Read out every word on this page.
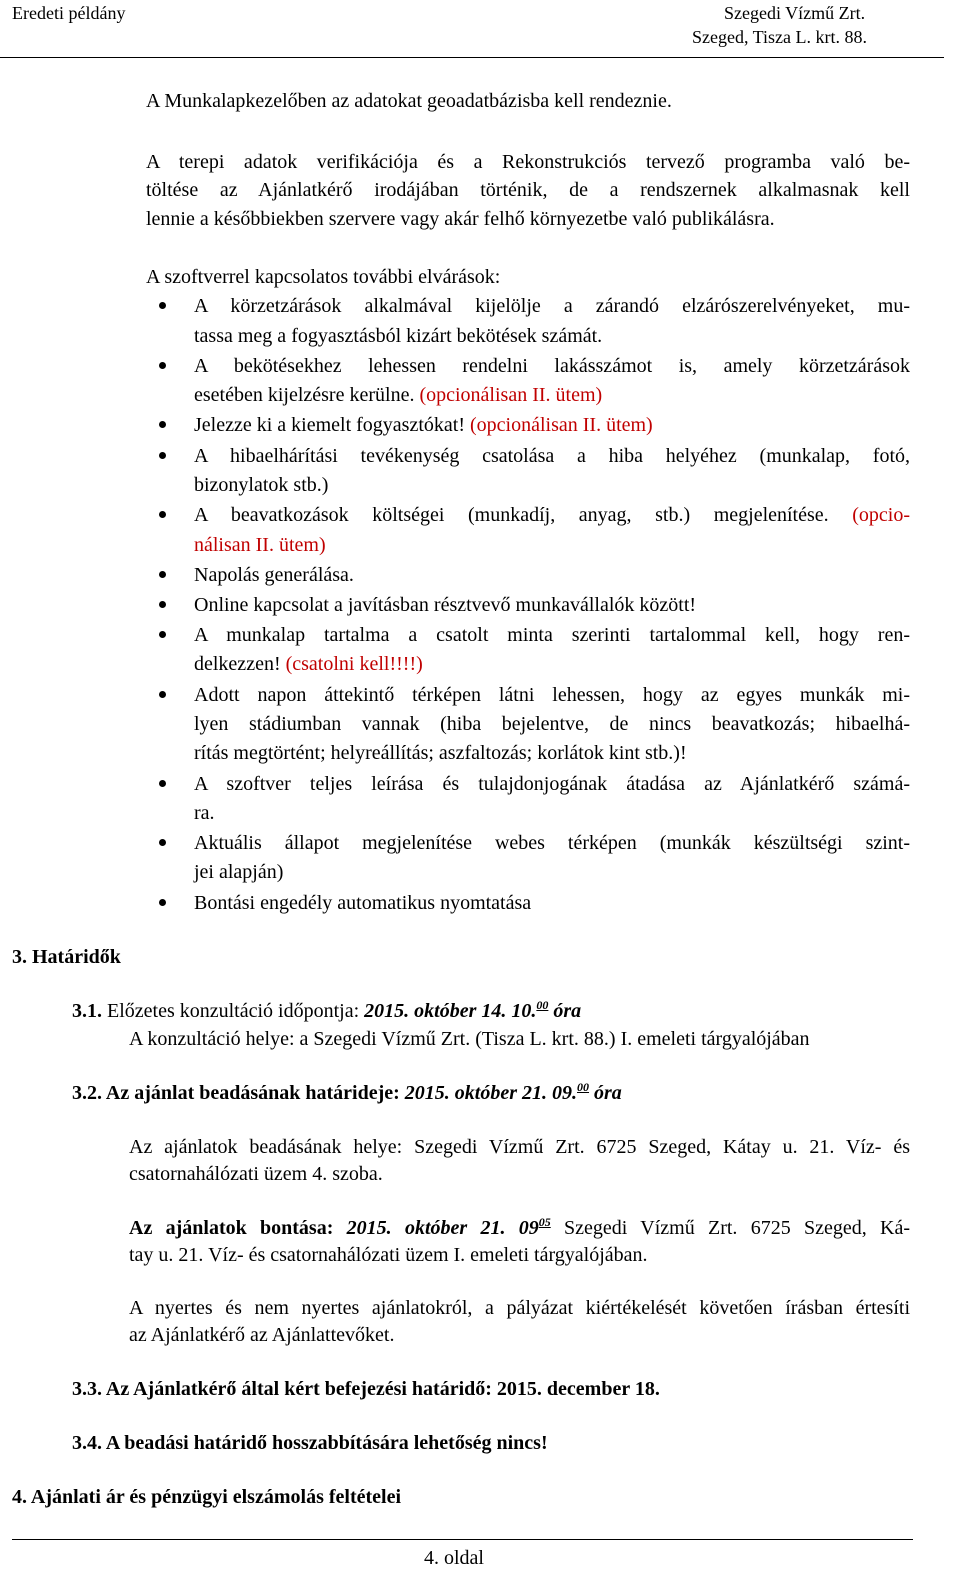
Eredeti példány	Szegedi Vízmű Zrt.
Szeged, Tisza L. krt. 88.
A Munkalapkezelőben az adatokat geoadatbázisba kell rendeznie.
A terepi adatok verifikációja és a Rekonstrukciós tervező programba való be-
töltése az Ajánlatkérő irodájában történik, de a rendszernek alkalmasnak kell
lennie a későbbiekben szervere vagy akár felhő környezetbe való publikálásra.
A szoftverrel kapcsolatos további elvárások:
A körzetzárások alkalmával kijelölje a zárandó elzárószerelvényeket, mu-
tassa meg a fogyasztásból kizárt bekötések számát.
A bekötésekhez lehessen rendelni lakásszámot is, amely körzetzárások
esetében kijelzésre kerülne. (opcionálisan II. ütem)
Jelezze ki a kiemelt fogyasztókat! (opcionálisan II. ütem)
A hibaelhárítási tevékenység csatolása a hiba helyéhez (munkalap, fotó,
bizonylatok stb.)
A beavatkozások költségei (munkadíj, anyag, stb.) megjelenítése. (opcio-
nálisan II. ütem)
Napolás generálása.
Online kapcsolat a javításban résztvevő munkavállalók között!
A munkalap tartalma a csatolt minta szerinti tartalommal kell, hogy ren-
delkezzen! (csatolni kell!!!!)
Adott napon áttekintő térképen látni lehessen, hogy az egyes munkák mi-
lyen stádiumban vannak (hiba bejelentve, de nincs beavatkozás; hibaelhá-
rítás megtörtént; helyreállítás; aszfaltozás; korlátok kint stb.)!
A szoftver teljes leírása és tulajdonjogának átadása az Ajánlatkérő számá-
ra.
Aktuális állapot megjelenítése webes térképen (munkák készültségi szint-
jei alapján)
Bontási engedély automatikus nyomtatása
3. Határidők
3.1. Előzetes konzultáció időpontja: 2015. október 14. 10.00 óra
A konzultáció helye: a Szegedi Vízmű Zrt. (Tisza L. krt. 88.) I. emeleti tárgyalójában
3.2. Az ajánlat beadásának határideje: 2015. október 21. 09.00 óra
Az ajánlatok beadásának helye: Szegedi Vízmű Zrt. 6725 Szeged, Kátay u. 21. Víz- és
csatornahálózati üzem 4. szoba.
Az ajánlatok bontása: 2015. október 21. $09^{05}$ Szegedi Vízmű Zrt. 6725 Szeged, Ká-
tay u. 21. Víz- és csatornahálózati üzem I. emeleti tárgyalójában.
A nyertes és nem nyertes ajánlatokról, a pályázat kiértékelését követően írásban értesíti
az Ajánlatkérő az Ajánlattevőket.
3.3. Az Ajánlatkérő által kért befejezési határidő: 2015. december 18.
3.4. A beadási határidő hosszabbítására lehetőség nincs!
4. Ajánlati ár és pénzügyi elszámolás feltételei
4. oldal
